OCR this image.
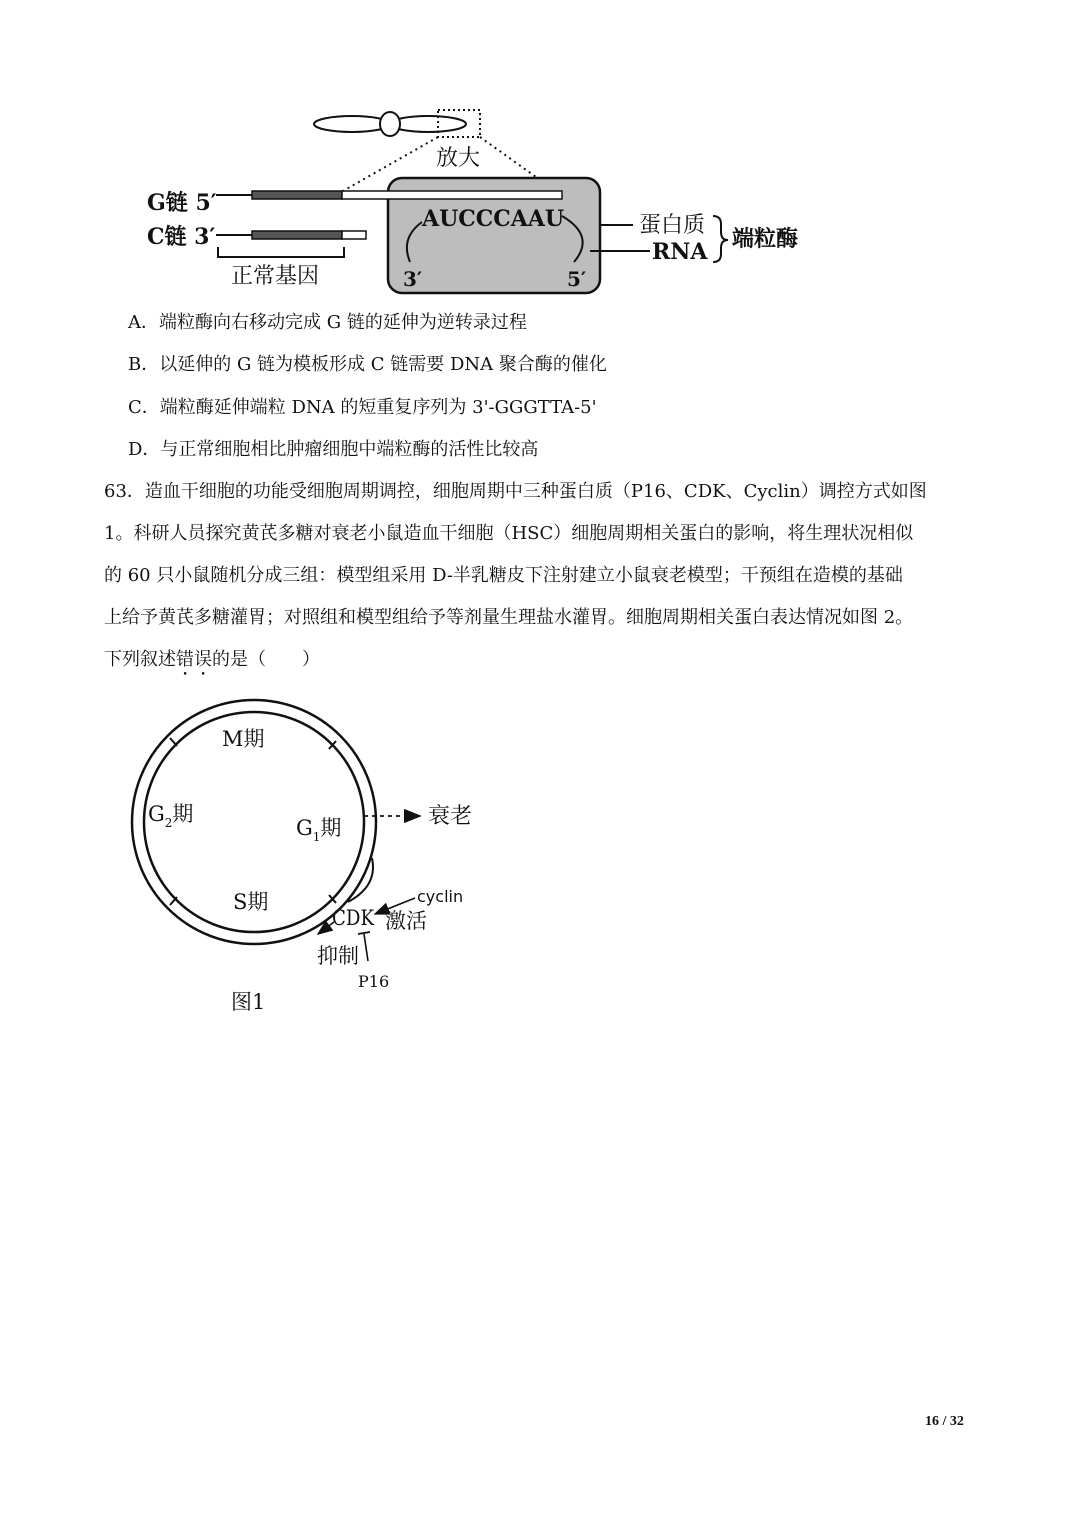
放大
G链 5′
C链 3′
正常基因
AUCCCAAU
3′	5′
蛋白质
RNA 端粒酶
A．端粒酶向右移动完成 G 链的延伸为逆转录过程
B．以延伸的 G 链为模板形成 C 链需要 DNA 聚合酶的催化
C．端粒酶延伸端粒 DNA 的短重复序列为 3'-GGGTTA-5'
D．与正常细胞相比肿瘤细胞中端粒酶的活性比较高

63．造血干细胞的功能受细胞周期调控，细胞周期中三种蛋白质（P16、CDK、Cyclin）调控方式如图

1。科研人员探究黄芪多糖对衰老小鼠造血干细胞（HSC）细胞周期相关蛋白的影响，将生理状况相似

的 60 只小鼠随机分成三组：模型组采用 D-半乳糖皮下注射建立小鼠衰老模型；干预组在造模的基础

上给予黄芪多糖灌胃；对照组和模型组给予等剂量生理盐水灌胃。细胞周期相关蛋白表达情况如图 2。

下列叙述错误的是（　　）

M期
$G_2$期
$G_1$期
S期
衰老
cyclin
CDK 激活
抑制
P16
图1
16 / 32
